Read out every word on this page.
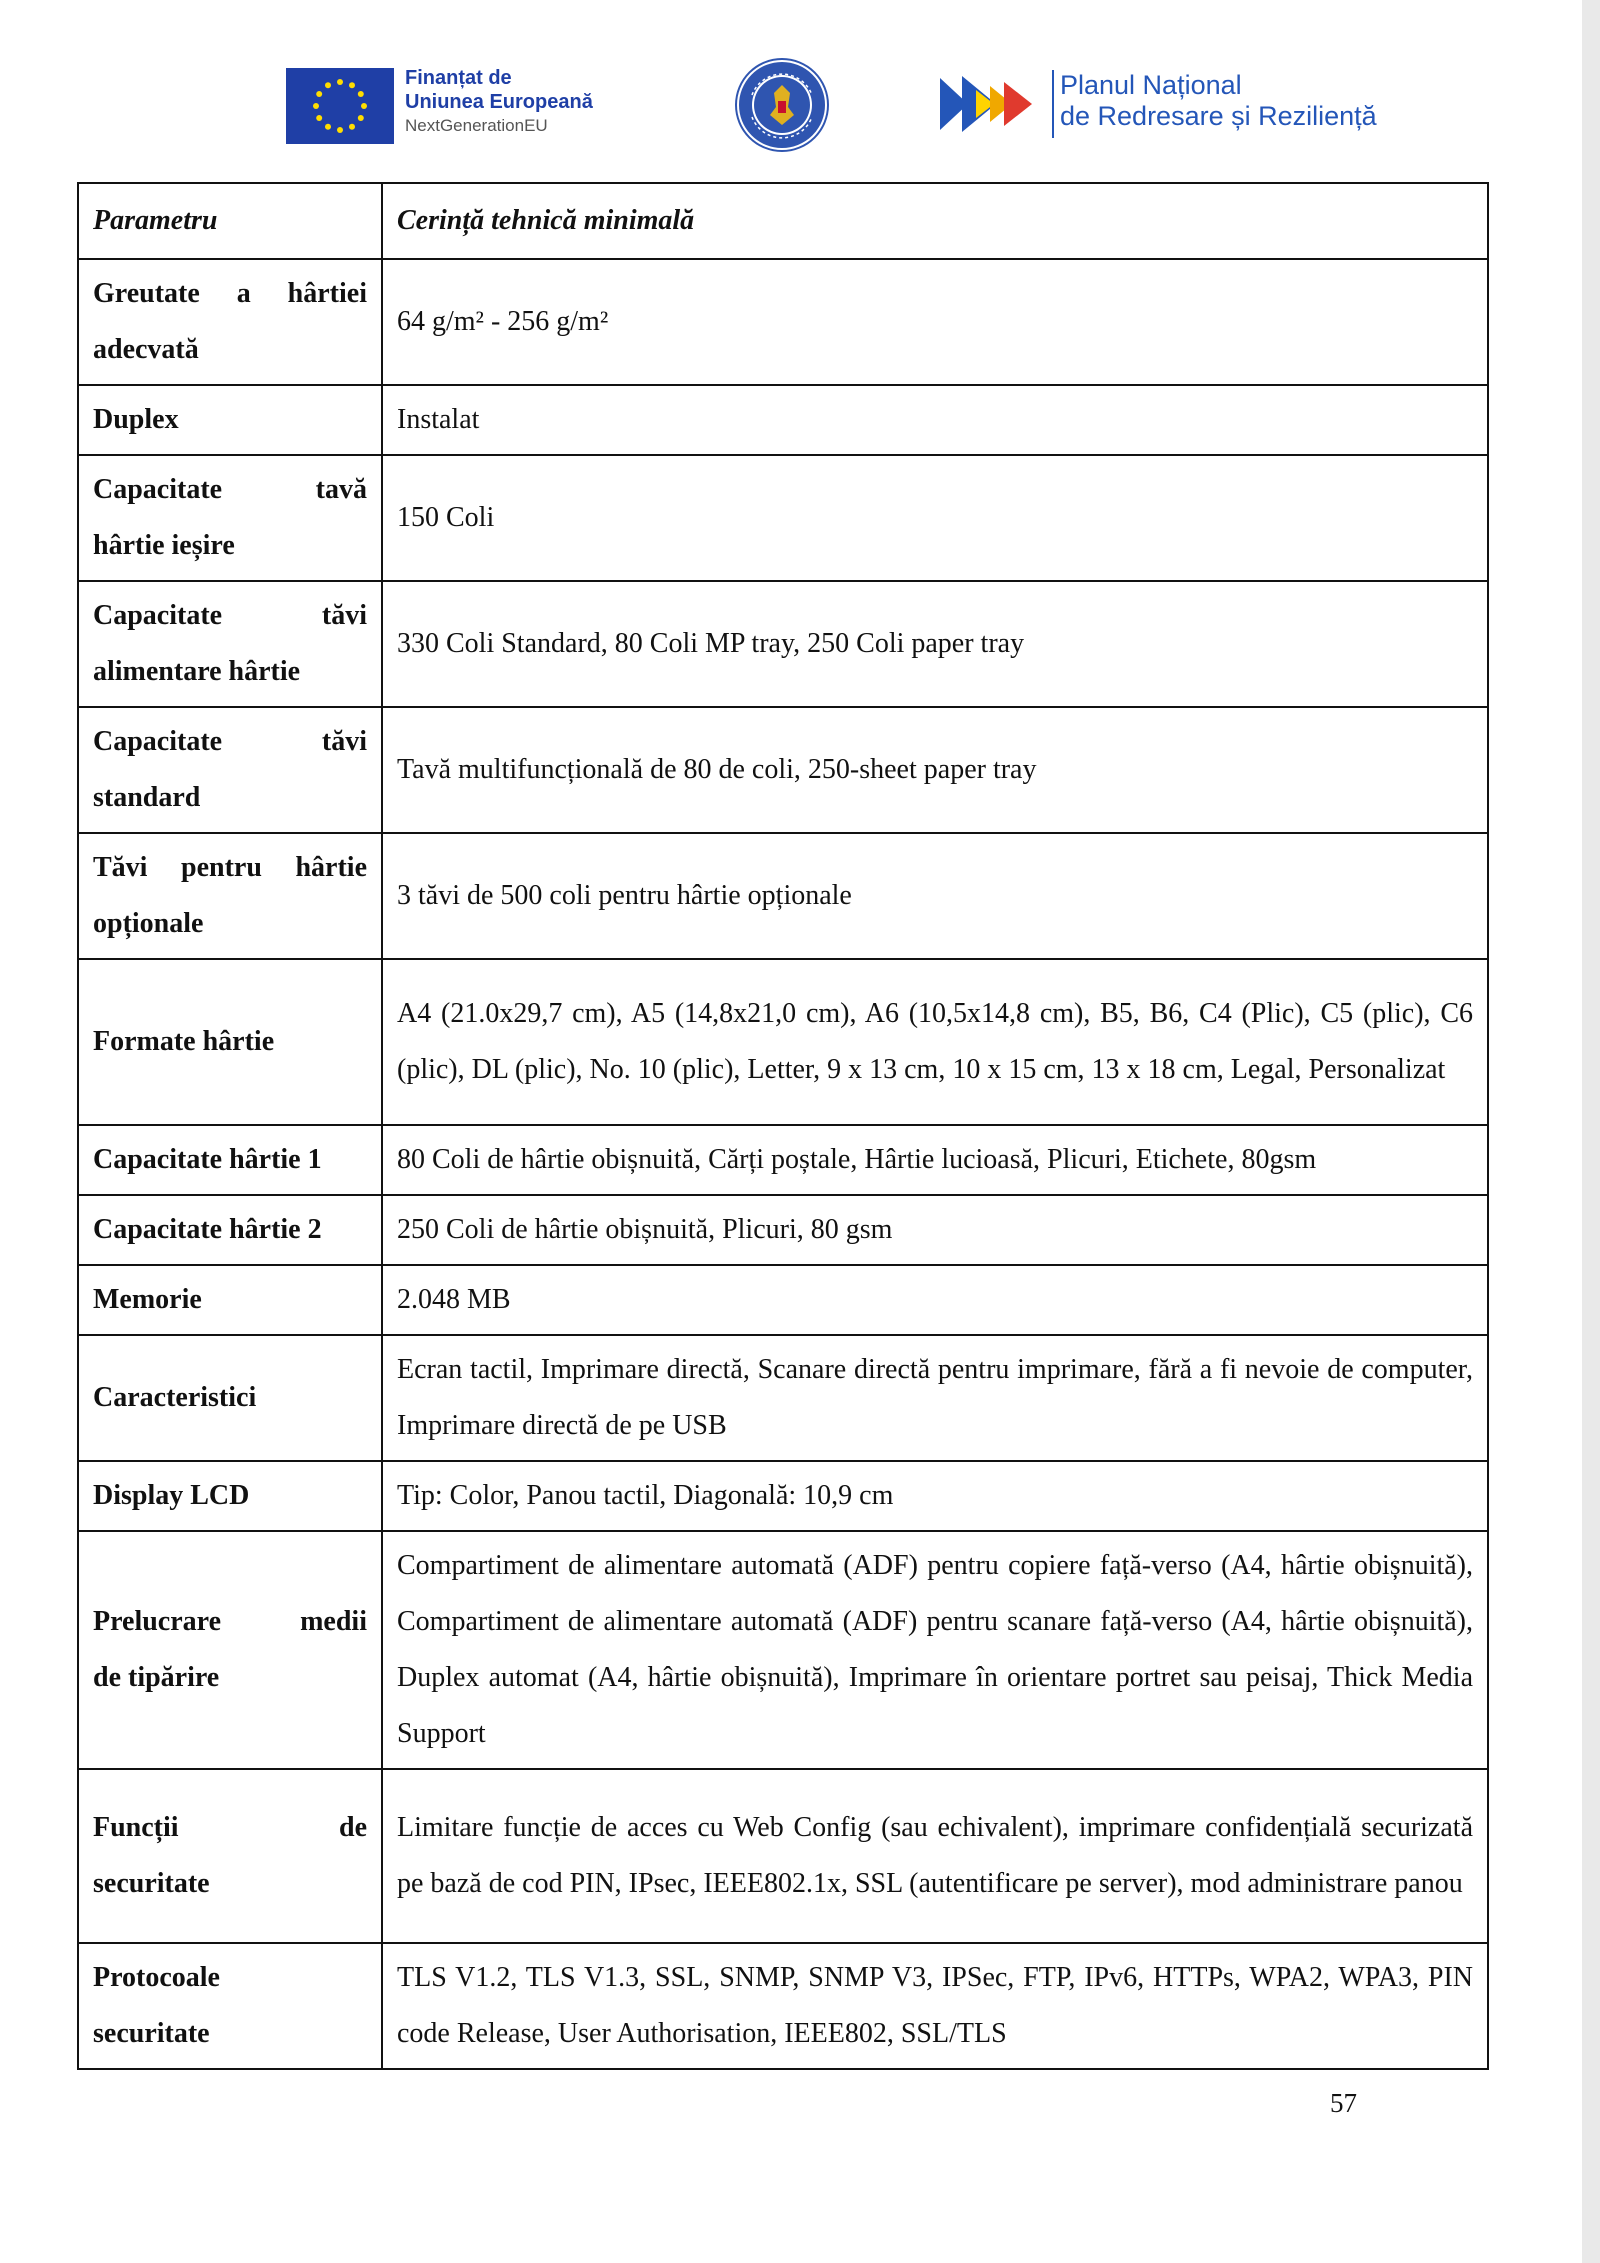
Finanțat de
Uniunea Europeană
NextGenerationEU
Planul Național
de Redresare și Reziliență
Parametru	Cerință tehnică minimală

Greutate a hârtiei
adecvată	64 g/m² - 256 g/m²

Duplex	Instalat

Capacitate tavă
hârtie ieșire	150 Coli

Capacitate tăvi
alimentare hârtie	330 Coli Standard, 80 Coli MP tray, 250 Coli paper tray

Capacitate tăvi
standard	Tavă multifuncțională de 80 de coli, 250-sheet paper tray

Tăvi pentru hârtie
opționale	3 tăvi de 500 coli pentru hârtie opționale

Formate hârtie	A4 (21.0x29,7 cm), A5 (14,8x21,0 cm), A6 (10,5x14,8 cm), B5, B6, C4 (Plic), C5 (plic), C6 (plic), DL (plic), No. 10 (plic), Letter, 9 x 13 cm, 10 x 15 cm, 13 x 18 cm, Legal, Personalizat

Capacitate hârtie 1	80 Coli de hârtie obișnuită, Cărți poștale, Hârtie lucioasă, Plicuri, Etichete, 80gsm

Capacitate hârtie 2	250 Coli de hârtie obișnuită, Plicuri, 80 gsm

Memorie	2.048 MB

Caracteristici	Ecran tactil, Imprimare directă, Scanare directă pentru imprimare, fără a fi nevoie de computer, Imprimare directă de pe USB

Display LCD	Tip: Color, Panou tactil, Diagonală: 10,9 cm

Prelucrare medii
de tipărire	Compartiment de alimentare automată (ADF) pentru copiere față-verso (A4, hârtie obișnuită), Compartiment de alimentare automată (ADF) pentru scanare față-verso (A4, hârtie obișnuită), Duplex automat (A4, hârtie obișnuită), Imprimare în orientare portret sau peisaj, Thick Media Support

Funcții de
securitate	Limitare funcție de acces cu Web Config (sau echivalent), imprimare confidențială securizată pe bază de cod PIN, IPsec, IEEE802.1x, SSL (autentificare pe server), mod administrare panou

Protocoale
securitate	TLS V1.2, TLS V1.3, SSL, SNMP, SNMP V3, IPSec, FTP, IPv6, HTTPs, WPA2, WPA3, PIN code Release, User Authorisation, IEEE802, SSL/TLS
57
